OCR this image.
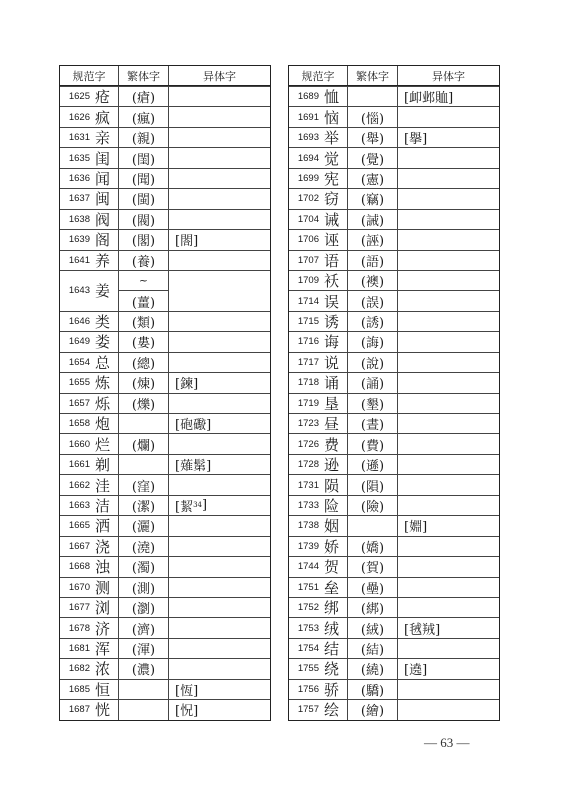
规范字	繁体字	异体字
1625 疮 (瘡)
1626 疯 (瘋)
1631 亲 (親)
1635 闺 (閨)
1636 闻 (聞)
1637 闽 (閩)
1638 阀 (閥)
1639 阁 (閣) [閤]
1641 养 (養)
1643 姜
~
(薑)
1646 类 (類)
1649 娄 (婁)
1654 总 (總)
1655 炼 (煉) [鍊]
1657 烁 (爍)
1658 炮	[砲礮]
1660 烂 (爛)
1661 剃	[薙鬀]
1662 洼 (窪)
1663 洁 (潔) [絜 34 ]
1665 洒 (灑)
1667 浇 (澆)
1668 浊 (濁)
1670 测 (測)
1677 浏 (瀏)
1678 济 (濟)
1681 浑 (渾)
1682 浓 (濃)
1685 恒	[恆]
1687 恍	[怳]
规范字	繁体字	异体字
1689 恤	[卹邺賉]
1691 恼 (惱)
1693 举 (舉) [擧]
1694 觉 (覺)
1699 宪 (憲)
1702 窃 (竊)
1704 诫 (誡)
1706 诬 (誣)
1707 语 (語)
1709 袄 (襖)
1714 误 (誤)
1715 诱 (誘)
1716 诲 (誨)
1717 说 (說)
1718 诵 (誦)
1719 垦 (墾)
1723 昼 (晝)
1726 费 (費)
1728 逊 (遜)
1731 陨 (隕)
1733 险 (險)
1738 姻	[婣]
1739 娇 (嬌)
1744 贺 (賀)
1751 垒 (壘)
1752 绑 (綁)
1753 绒 (絨) [毧羢]
1754 结 (結)
1755 绕 (繞) [遶]
1756 骄 (驕)
1757 绘 (繪)
— 63 —
